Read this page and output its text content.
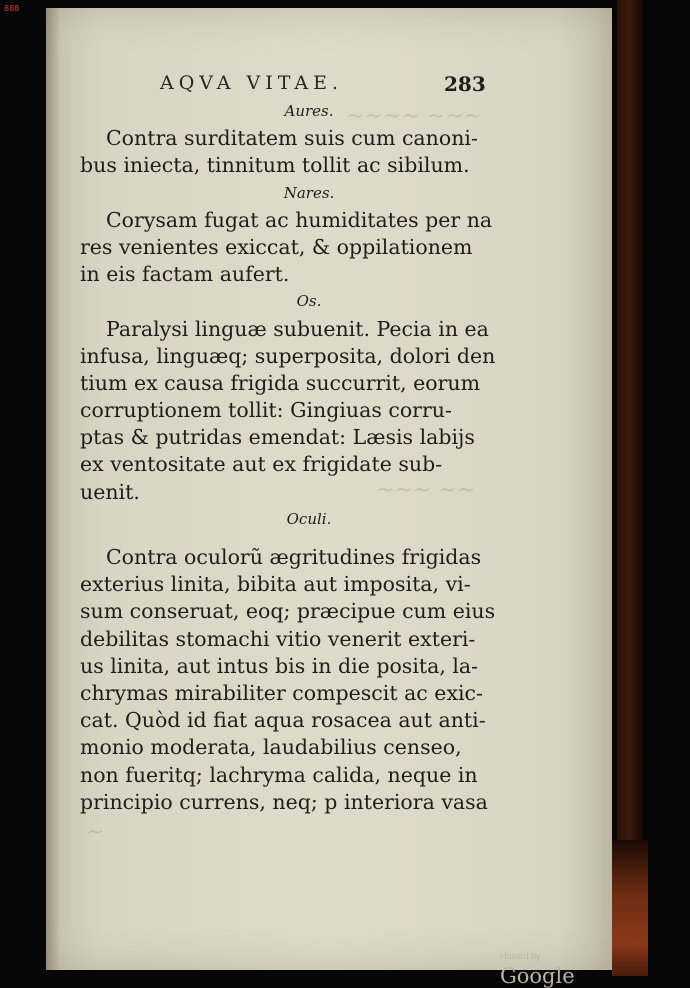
888
~~~~ ~~~
~~~ ~~
~
AQVA VITAE.	283
Aures.
Contra surditatem suis cum canoni-
bus iniecta, tinnitum tollit ac sibilum.
Nares.
Corysam fugat ac humiditates per na
res venientes exiccat, & oppilationem
in eis factam aufert.
Os.
Paralysi linguæ subuenit. Pecia in ea
infusa, linguæq; superposita, dolori den
tium ex causa frigida succurrit, eorum
corruptionem tollit: Gingiuas corru-
ptas & putridas emendat: Læsis labijs
ex ventositate aut ex frigidate sub-
uenit.
Oculi.
Contra oculorũ ægritudines frigidas
exterius linita, bibita aut imposita, vi-
sum conseruat, eoq; præcipue cum eius
debilitas stomachi vitio venerit exteri-
us linita, aut intus bis in die posita, la-
chrymas mirabiliter compescit ac exic-
cat. Quòd id fiat aqua rosacea aut anti-
monio moderata, laudabilius censeo,
non fueritq; lachryma calida, neque in
principio currens, neq; p interiora vasa
Hosted by Google
